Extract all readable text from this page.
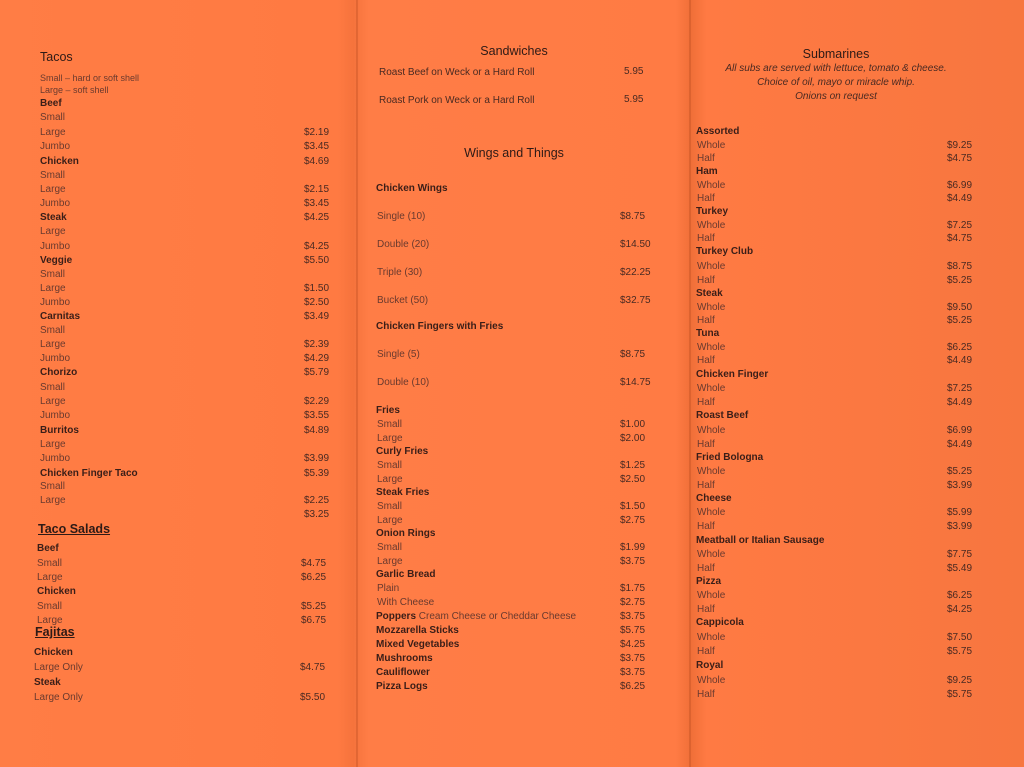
Tacos
Small – hard or soft shell
Large – soft shell
Beef
Small
Large	$2.19
Jumbo	$3.45
Chicken	$4.69
Small
Large	$2.15
Jumbo	$3.45
Steak	$4.25
Large
Jumbo	$4.25
Veggie	$5.50
Small
Large	$1.50
Jumbo	$2.50
Carnitas	$3.49
Small
Large	$2.39
Jumbo	$4.29
Chorizo	$5.79
Small
Large	$2.29
Jumbo	$3.55
Burritos	$4.89
Large
Jumbo	$3.99
Chicken Finger Taco	$5.39
Small
Large	$2.25
$3.25
Taco Salads
Beef
Small	$4.75
Large	$6.25
Chicken
Small	$5.25
Large	$6.75
Fajitas
Chicken
Large Only	$4.75
Steak
Large Only	$5.50
Sandwiches
Roast Beef on Weck or a Hard Roll	5.95
Roast Pork on Weck or a Hard Roll	5.95
Wings and Things
Chicken Wings
Single (10)	$8.75
Double (20)	$14.50
Triple (30)	$22.25
Bucket (50)	$32.75
Chicken Fingers with Fries
Single (5)	$8.75
Double (10)	$14.75
Fries
Small	$1.00
Large	$2.00
Curly Fries
Small	$1.25
Large	$2.50
Steak Fries
Small	$1.50
Large	$2.75
Onion Rings
Small	$1.99
Large	$3.75
Garlic Bread
Plain	$1.75
With Cheese	$2.75
Poppers Cream Cheese or Cheddar Cheese	$3.75
Mozzarella Sticks	$5.75
Mixed Vegetables	$4.25
Mushrooms	$3.75
Cauliflower	$3.75
Pizza Logs	$6.25
Submarines
All subs are served with lettuce, tomato & cheese.
Choice of oil, mayo or miracle whip.
Onions on request
Assorted
Whole	$9.25
Half	$4.75
Ham
Whole	$6.99
Half	$4.49
Turkey
Whole	$7.25
Half	$4.75
Turkey Club
Whole	$8.75
Half	$5.25
Steak
Whole	$9.50
Half	$5.25
Tuna
Whole	$6.25
Half	$4.49
Chicken Finger
Whole	$7.25
Half	$4.49
Roast Beef
Whole	$6.99
Half	$4.49
Fried Bologna
Whole	$5.25
Half	$3.99
Cheese
Whole	$5.99
Half	$3.99
Meatball or Italian Sausage
Whole	$7.75
Half	$5.49
Pizza
Whole	$6.25
Half	$4.25
Cappicola
Whole	$7.50
Half	$5.75
Royal
Whole	$9.25
Half	$5.75
